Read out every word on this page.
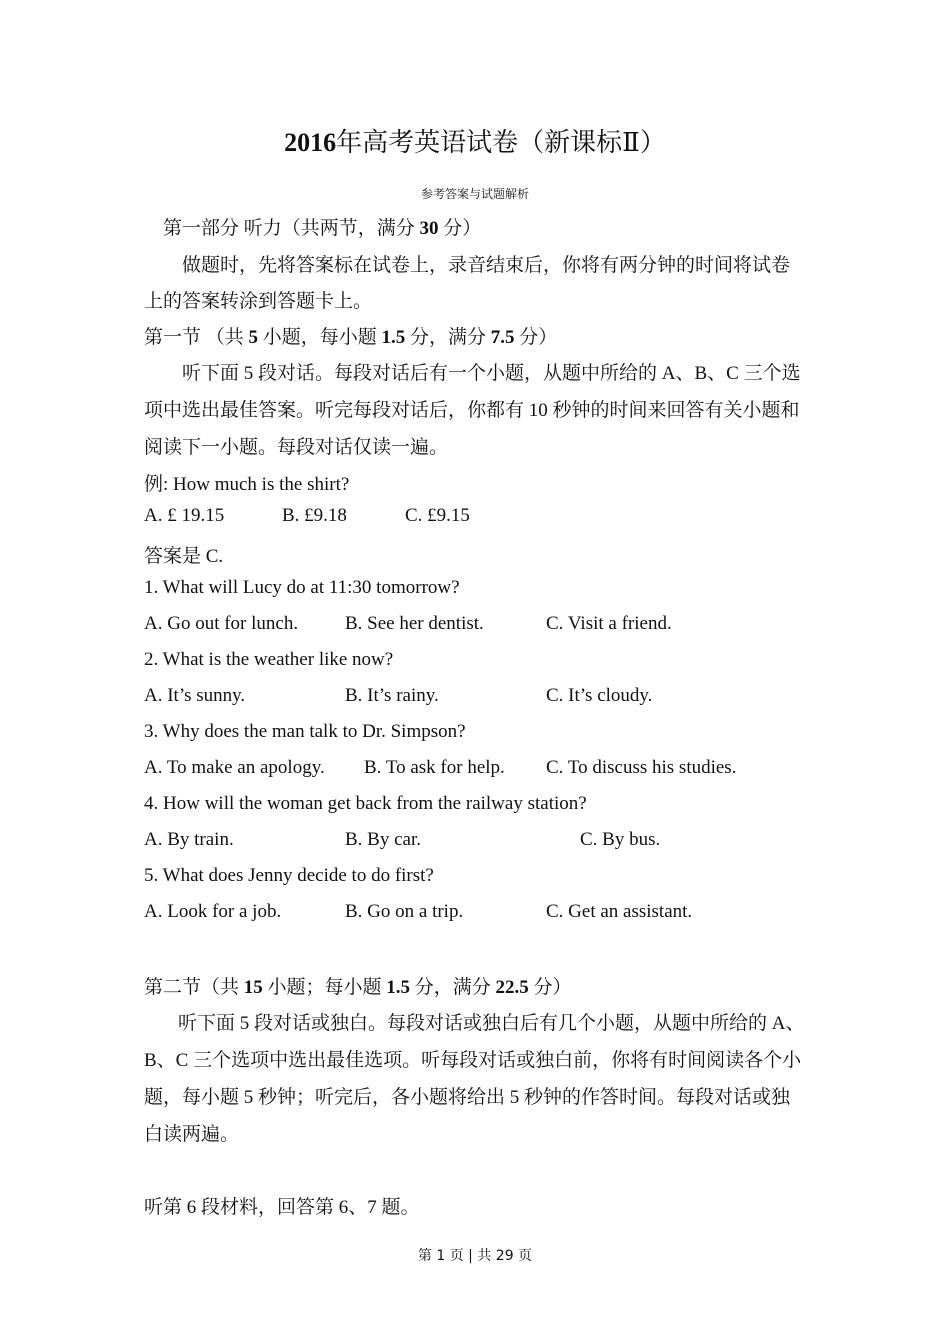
2016年高考英语试卷（新课标Ⅱ）
参考答案与试题解析
第一部分 听力（共两节，满分 30 分）
做题时，先将答案标在试卷上，录音结束后，你将有两分钟的时间将试卷
上的答案转涂到答题卡上。
第一节 （共 5 小题，每小题 1.5 分，满分 7.5 分）
听下面 5 段对话。每段对话后有一个小题，从题中所给的 A、B、C 三个选
项中选出最佳答案。听完每段对话后，你都有 10 秒钟的时间来回答有关小题和
阅读下一小题。每段对话仅读一遍。
例: How much is the shirt?
A. £ 19.15	B. £9.18	C. £9.15
答案是 C.
1. What will Lucy do at 11:30 tomorrow?
A. Go out for lunch. B. See her dentist.	C. Visit a friend.
2. What is the weather like now?
A. It’s sunny.	B. It’s rainy.	C. It’s cloudy.
3. Why does the man talk to Dr. Simpson?
A. To make an apology. B. To ask for help. C. To discuss his studies.
4. How will the woman get back from the railway station?
A. By train.	B. By car.	C. By bus.
5. What does Jenny decide to do first?
A. Look for a job.	B. Go on a trip.	C. Get an assistant.
第二节（共 15 小题；每小题 1.5 分，满分 22.5 分）
听下面 5 段对话或独白。每段对话或独白后有几个小题，从题中所给的 A、
B、C 三个选项中选出最佳选项。听每段对话或独白前，你将有时间阅读各个小
题，每小题 5 秒钟；听完后，各小题将给出 5 秒钟的作答时间。每段对话或独
白读两遍。
听第 6 段材料，回答第 6、7 题。
第 1 页 | 共 29 页
